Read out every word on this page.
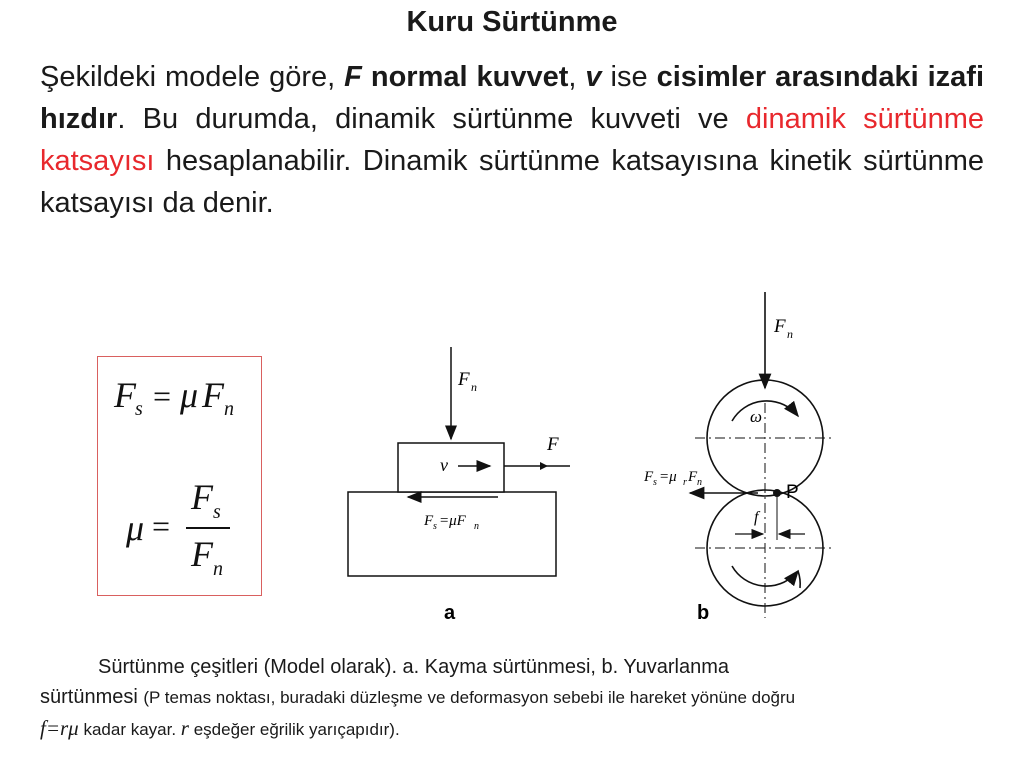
Kuru Sürtünme
Şekildeki modele göre, F normal kuvvet, v ise cisimler arasındaki izafi hızdır. Bu durumda, dinamik sürtünme kuvveti ve dinamik sürtünme katsayısı hesaplanabilir. Dinamik sürtünme katsayısına kinetik sürtünme katsayısı da denir.
F s = μ F n
μ =
F s
F n
F n
v
F
F s =μF n
a
F n
ω
F s =μ r F n	P
f
b
Sürtünme çeşitleri (Model olarak). a. Kayma sürtünmesi, b. Yuvarlanma
sürtünmesi (P temas noktası, buradaki düzleşme ve deformasyon sebebi ile hareket yönüne doğru
f=rμ kadar kayar. r eşdeğer eğrilik yarıçapıdır).
